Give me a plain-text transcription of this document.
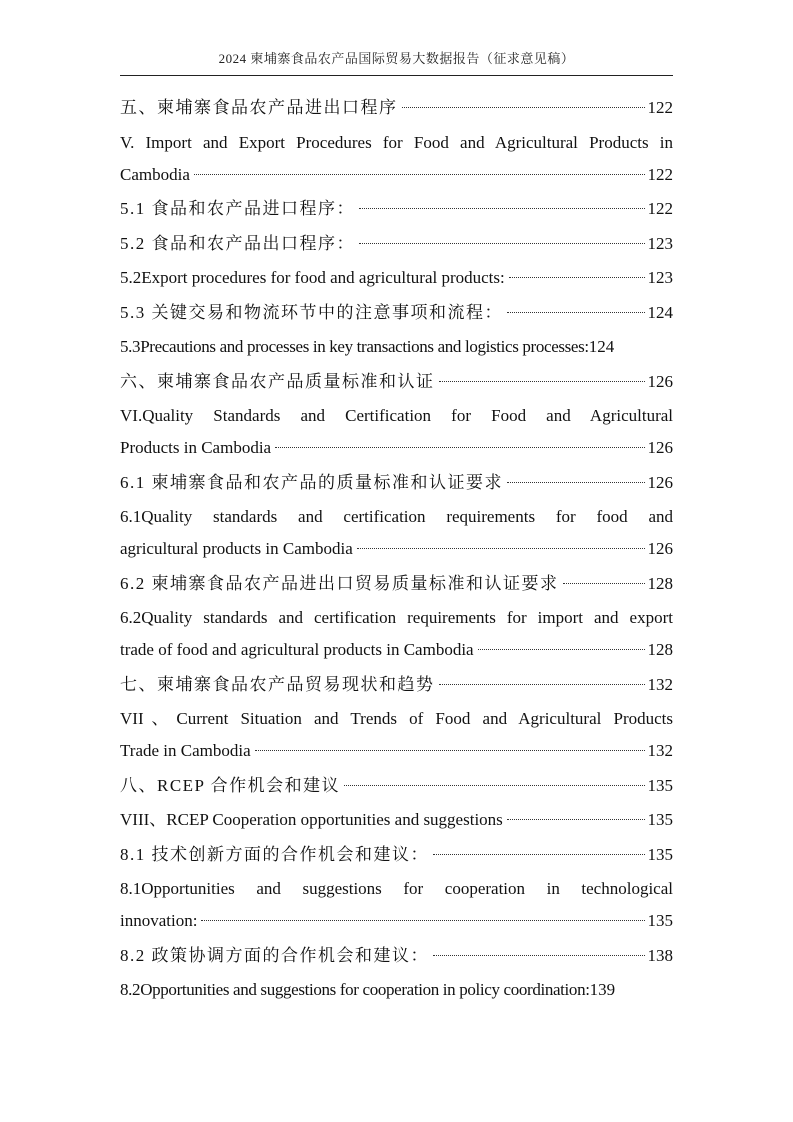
2024 柬埔寨食品农产品国际贸易大数据报告（征求意见稿）
五、柬埔寨食品农产品进出口程序	122
V. Import and Export Procedures for Food and Agricultural Products in
Cambodia	122
5.1 食品和农产品进口程序：	122
5.2 食品和农产品出口程序：	123
5.2Export procedures for food and agricultural products:	123
5.3 关键交易和物流环节中的注意事项和流程：	124
5.3Precautions and processes in key transactions and logistics processes: 124
六、柬埔寨食品农产品质量标准和认证	126
VI.Quality Standards and Certification for Food and Agricultural
Products in Cambodia	126
6.1 柬埔寨食品和农产品的质量标准和认证要求	126
6.1Quality standards and certification requirements for food and
agricultural products in Cambodia	126
6.2 柬埔寨食品农产品进出口贸易质量标准和认证要求	128
6.2Quality standards and certification requirements for import and export
trade of food and agricultural products in Cambodia	128
七、柬埔寨食品农产品贸易现状和趋势	132
VII、Current Situation and Trends of Food and Agricultural Products
Trade in Cambodia	132
八、RCEP 合作机会和建议	135
VIII、RCEP Cooperation opportunities and suggestions	135
8.1 技术创新方面的合作机会和建议：	135
8.1Opportunities and suggestions for cooperation in technological
innovation:	135
8.2 政策协调方面的合作机会和建议：	138
8.2Opportunities and suggestions for cooperation in policy coordination: 139
